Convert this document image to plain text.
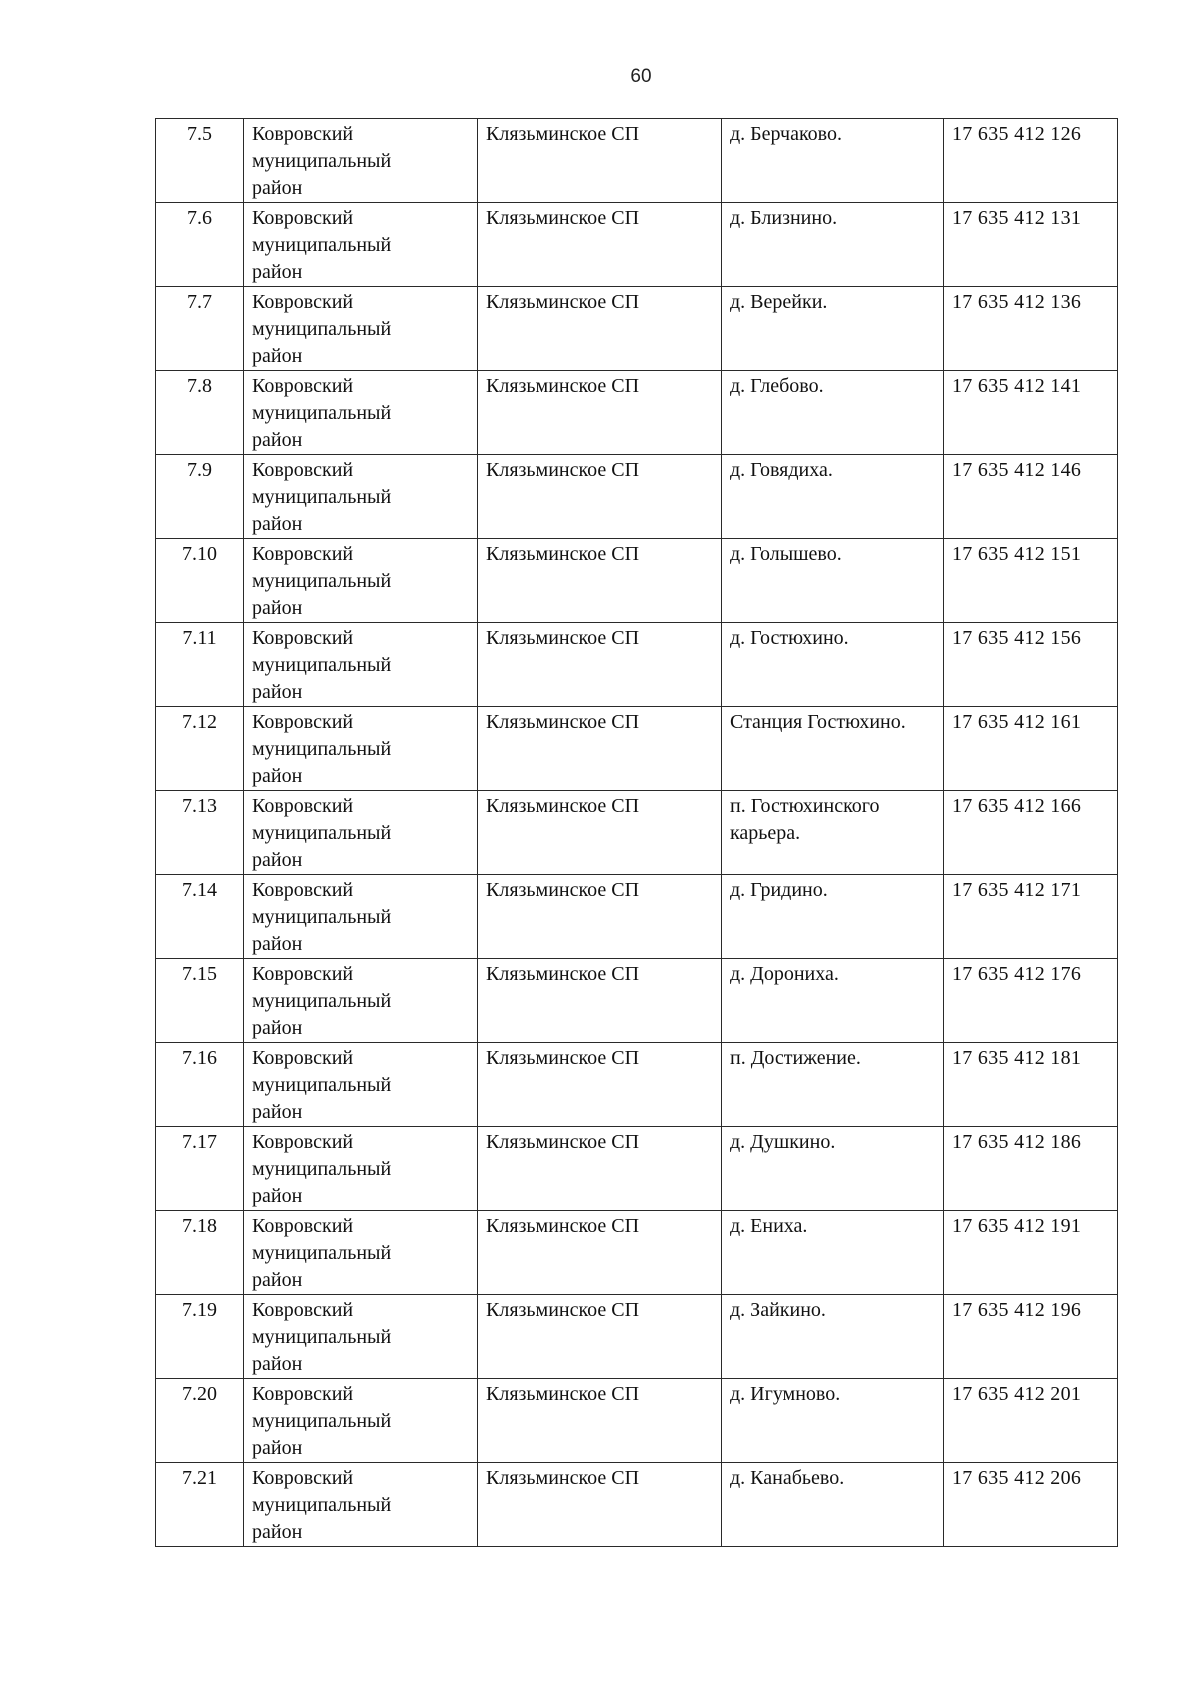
60
7.5	Ковровский
муниципальный
район	Клязьминское СП	д. Берчаково.	17 635 412 126

7.6	Ковровский
муниципальный
район	Клязьминское СП	д. Близнино.	17 635 412 131

7.7	Ковровский
муниципальный
район	Клязьминское СП	д. Верейки.	17 635 412 136

7.8	Ковровский
муниципальный
район	Клязьминское СП	д. Глебово.	17 635 412 141

7.9	Ковровский
муниципальный
район	Клязьминское СП	д. Говядиха.	17 635 412 146

7.10	Ковровский
муниципальный
район	Клязьминское СП	д. Голышево.	17 635 412 151

7.11	Ковровский
муниципальный
район	Клязьминское СП	д. Гостюхино.	17 635 412 156

7.12	Ковровский
муниципальный
район	Клязьминское СП	Станция Гостюхино.	17 635 412 161

7.13	Ковровский
муниципальный
район	Клязьминское СП	п. Гостюхинского
карьера.	17 635 412 166

7.14	Ковровский
муниципальный
район	Клязьминское СП	д. Гридино.	17 635 412 171

7.15	Ковровский
муниципальный
район	Клязьминское СП	д. Дорониха.	17 635 412 176

7.16	Ковровский
муниципальный
район	Клязьминское СП	п. Достижение.	17 635 412 181

7.17	Ковровский
муниципальный
район	Клязьминское СП	д. Душкино.	17 635 412 186

7.18	Ковровский
муниципальный
район	Клязьминское СП	д. Ениха.	17 635 412 191

7.19	Ковровский
муниципальный
район	Клязьминское СП	д. Зайкино.	17 635 412 196

7.20	Ковровский
муниципальный
район	Клязьминское СП	д. Игумново.	17 635 412 201

7.21	Ковровский
муниципальный
район	Клязьминское СП	д. Канабьево.	17 635 412 206
